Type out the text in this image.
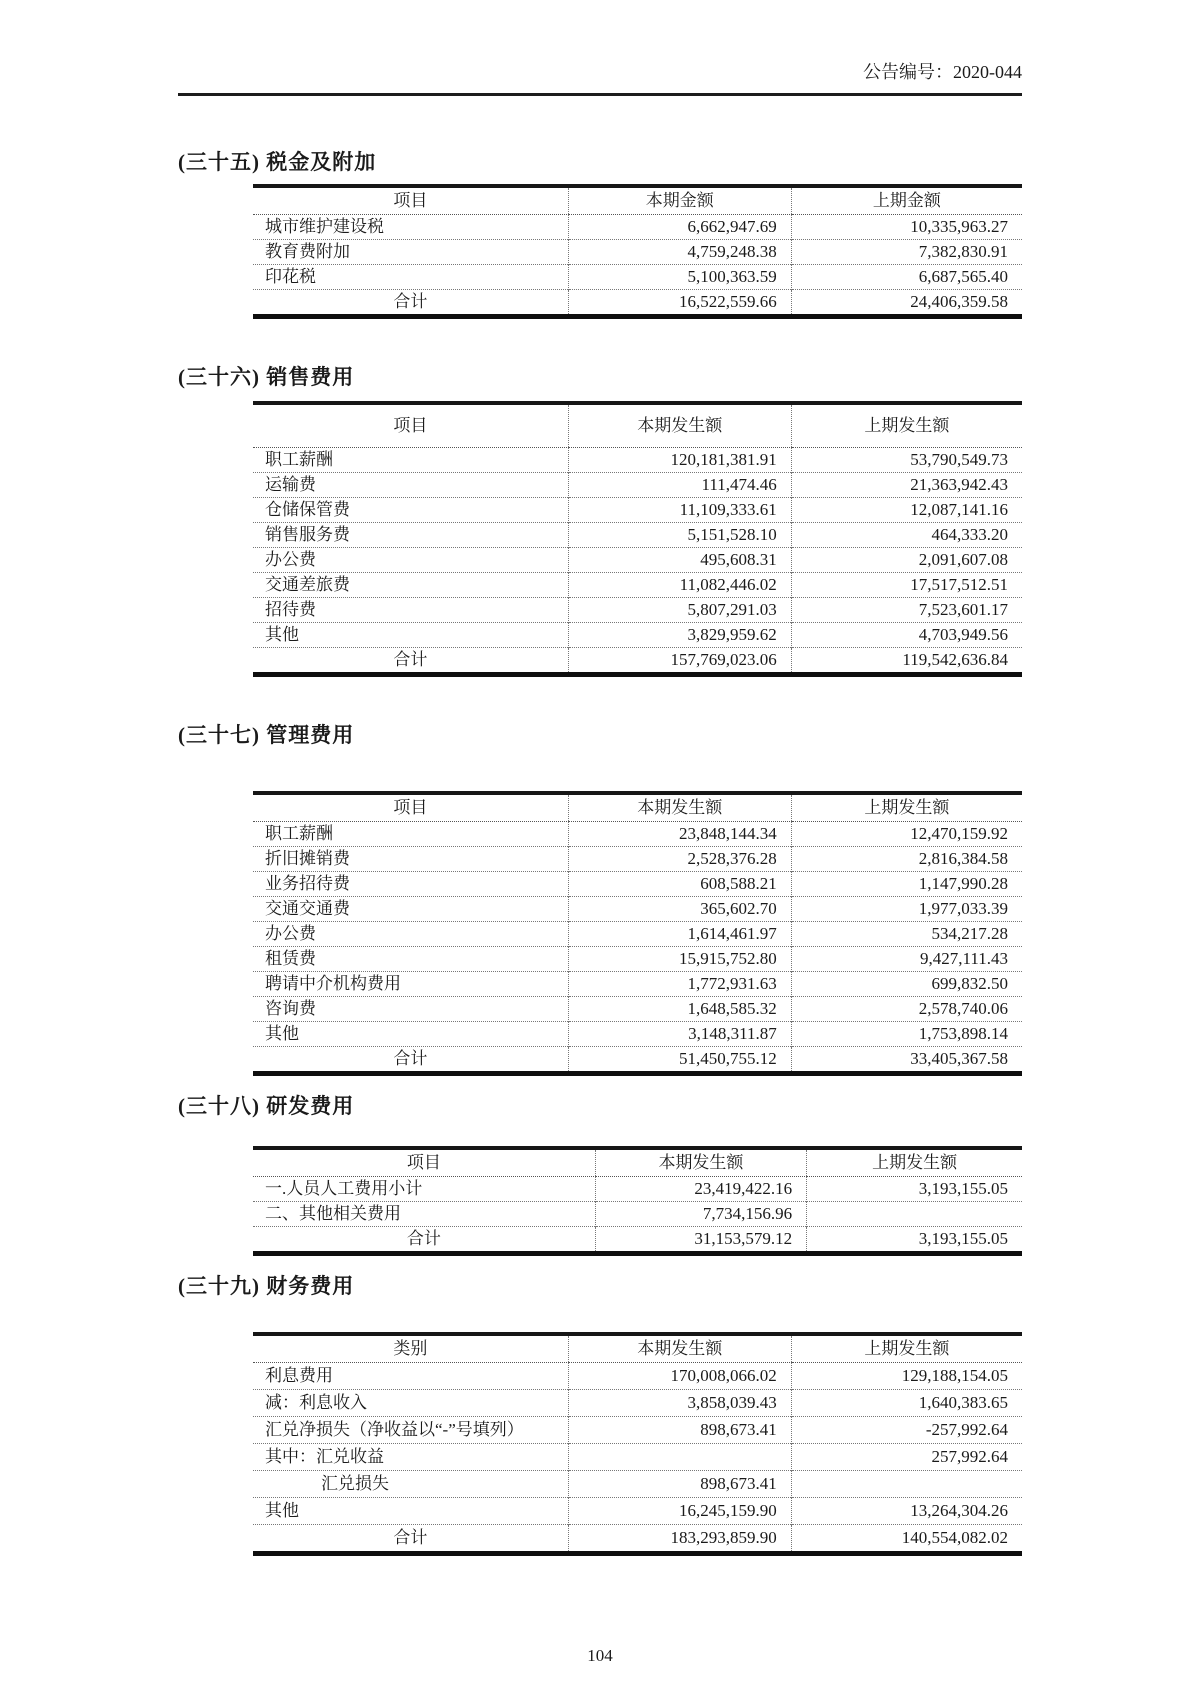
公告编号：2020-044
(三十五) 税金及附加
项目	本期金额	上期金额
城市维护建设税	6,662,947.69	10,335,963.27
教育费附加	4,759,248.38	7,382,830.91
印花税	5,100,363.59	6,687,565.40
合计	16,522,559.66	24,406,359.58
(三十六) 销售费用
项目	本期发生额	上期发生额
职工薪酬	120,181,381.91	53,790,549.73
运输费	111,474.46	21,363,942.43
仓储保管费	11,109,333.61	12,087,141.16
销售服务费	5,151,528.10	464,333.20
办公费	495,608.31	2,091,607.08
交通差旅费	11,082,446.02	17,517,512.51
招待费	5,807,291.03	7,523,601.17
其他	3,829,959.62	4,703,949.56
合计	157,769,023.06	119,542,636.84
(三十七) 管理费用
项目	本期发生额	上期发生额
职工薪酬	23,848,144.34	12,470,159.92
折旧摊销费	2,528,376.28	2,816,384.58
业务招待费	608,588.21	1,147,990.28
交通交通费	365,602.70	1,977,033.39
办公费	1,614,461.97	534,217.28
租赁费	15,915,752.80	9,427,111.43
聘请中介机构费用	1,772,931.63	699,832.50
咨询费	1,648,585.32	2,578,740.06
其他	3,148,311.87	1,753,898.14
合计	51,450,755.12	33,405,367.58
(三十八) 研发费用
项目	本期发生额	上期发生额
一.人员人工费用小计	23,419,422.16	3,193,155.05
二、其他相关费用	7,734,156.96	
合计	31,153,579.12	3,193,155.05
(三十九) 财务费用
类别	本期发生额	上期发生额
利息费用	170,008,066.02	129,188,154.05
减：利息收入	3,858,039.43	1,640,383.65
汇兑净损失（净收益以“-”号填列）	898,673.41	-257,992.64
其中：汇兑收益		257,992.64
汇兑损失	898,673.41	
其他	16,245,159.90	13,264,304.26
合计	183,293,859.90	140,554,082.02
104
